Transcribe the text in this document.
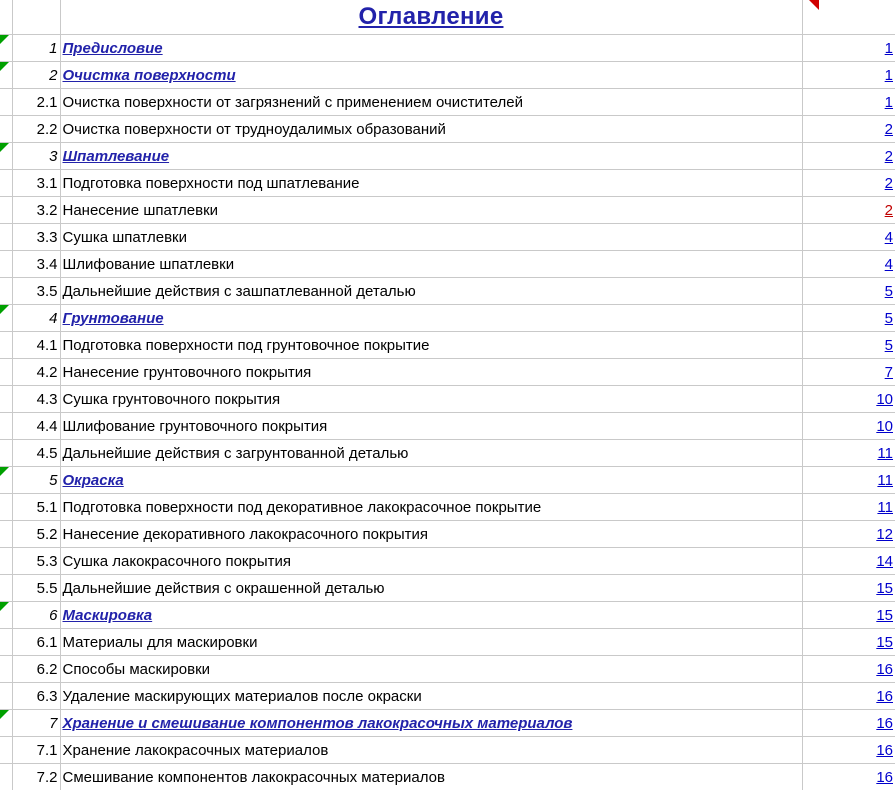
		Оглавление	

	1	Предисловие	1

	2	Очистка поверхности	1
	2.1	Очистка поверхности от загрязнений с применением очистителей	1
	2.2	Очистка поверхности от трудноудалимых образований	2

	3	Шпатлевание	2
	3.1	Подготовка поверхности под шпатлевание	2
	3.2	Нанесение шпатлевки	2
	3.3	Сушка шпатлевки	4
	3.4	Шлифование шпатлевки	4
	3.5	Дальнейшие действия с зашпатлеванной деталью	5

	4	Грунтование	5
	4.1	Подготовка поверхности под грунтовочное покрытие	5
	4.2	Нанесение грунтовочного покрытия	7
	4.3	Сушка грунтовочного покрытия	10
	4.4	Шлифование грунтовочного покрытия	10
	4.5	Дальнейшие действия с загрунтованной деталью	11

	5	Окраска	11
	5.1	Подготовка поверхности под декоративное лакокрасочное покрытие	11
	5.2	Нанесение декоративного лакокрасочного покрытия	12
	5.3	Сушка лакокрасочного покрытия	14
	5.5	Дальнейшие действия с окрашенной деталью	15

	6	Маскировка	15
	6.1	Материалы для маскировки	15
	6.2	Способы маскировки	16
	6.3	Удаление маскирующих материалов после окраски	16

	7	Хранение и смешивание компонентов лакокрасочных материалов	16
	7.1	Хранение лакокрасочных материалов	16
	7.2	Смешивание компонентов лакокрасочных материалов	16
